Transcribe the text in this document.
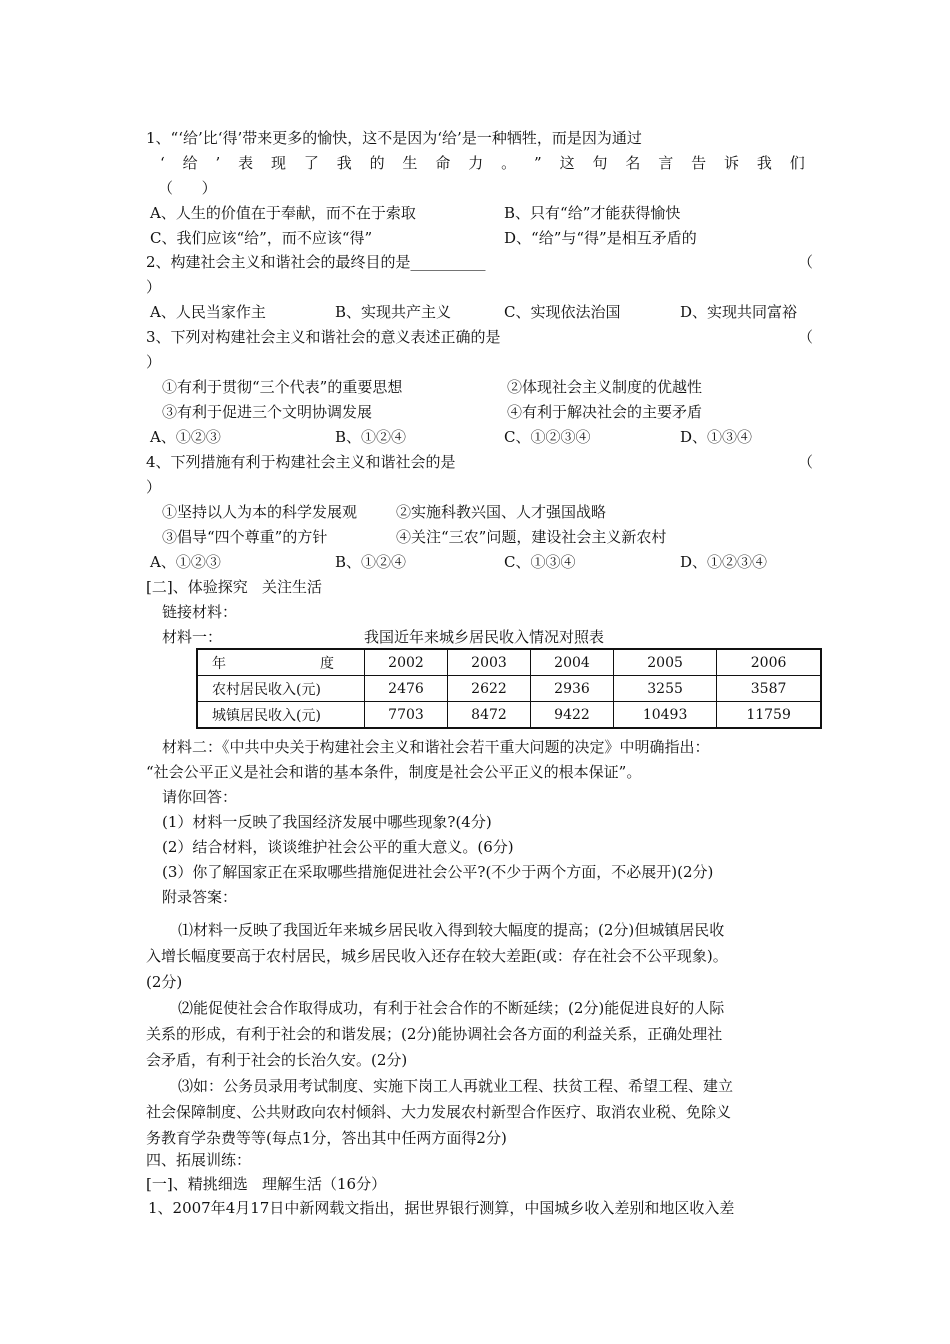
1、“‘给’比‘得’带来更多的愉快，这不是因为‘给’是一种牺牲，而是因为通过
‘ 给 ’ 表 现 了 我 的 生 命 力 。 ” 这 句 名 言 告 诉 我 们
（      ）
A、人生的价值在于奉献，而不在于索取	B、只有“给”才能获得愉快
C、我们应该“给”，而不应该“得”	D、“给”与“得”是相互矛盾的
2、构建社会主义和谐社会的最终目的是__________	（
）
A、人民当家作主	B、实现共产主义	C、实现依法治国	D、实现共同富裕
3、下列对构建社会主义和谐社会的意义表述正确的是	（
）
①有利于贯彻“三个代表”的重要思想	②体现社会主义制度的优越性
③有利于促进三个文明协调发展	④有利于解决社会的主要矛盾
A、①②③	B、①②④	C、①②③④	D、①③④
4、下列措施有利于构建社会主义和谐社会的是	（
）
①坚持以人为本的科学发展观	②实施科教兴国、人才强国战略
③倡导“四个尊重”的方针	④关注“三农”问题，建设社会主义新农村
A、①②③	B、①②④	C、①③④	D、①②③④
[二]、体验探究   关注生活
链接材料：
材料一：	我国近年来城乡居民收入情况对照表
年 度	2002	2003	2004	2005	2006
农村居民收入(元)	2476	2622	2936	3255	3587
城镇居民收入(元)	7703	8472	9422	10493	11759
材料二：《中共中央关于构建社会主义和谐社会若干重大问题的决定》中明确指出：
“社会公平正义是社会和谐的基本条件，制度是社会公平正义的根本保证”。
请你回答：
(1）材料一反映了我国经济发展中哪些现象?(4分)
(2）结合材料，谈谈维护社会公平的重大意义。(6分)
(3）你了解国家正在采取哪些措施促进社会公平?(不少于两个方面，不必展开)(2分)
附录答案：
⑴材料一反映了我国近年来城乡居民收入得到较大幅度的提高；(2分)但城镇居民收
入增长幅度要高于农村居民，城乡居民收入还存在较大差距(或：存在社会不公平现象)。
(2分)
⑵能促使社会合作取得成功，有利于社会合作的不断延续；(2分)能促进良好的人际
关系的形成，有利于社会的和谐发展；(2分)能协调社会各方面的利益关系，正确处理社
会矛盾，有利于社会的长治久安。(2分)
⑶如：公务员录用考试制度、实施下岗工人再就业工程、扶贫工程、希望工程、建立
社会保障制度、公共财政向农村倾斜、大力发展农村新型合作医疗、取消农业税、免除义
务教育学杂费等等(每点1分，答出其中任两方面得2分)
四、拓展训练：
[一]、精挑细选   理解生活（16分）
1、2007年4月17日中新网载文指出，据世界银行测算，中国城乡收入差别和地区收入差
